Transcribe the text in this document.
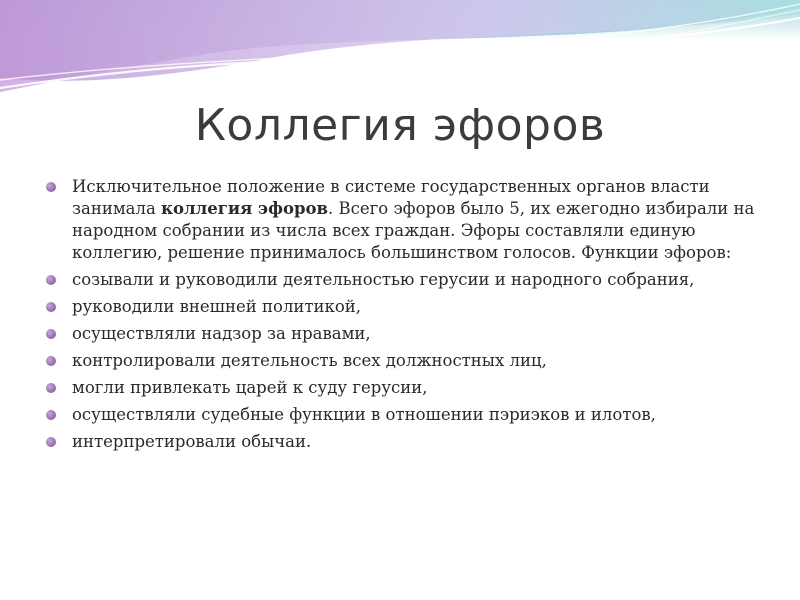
Коллегия эфоров
Исключительное положение в системе государственных органов власти занимала коллегия эфоров. Всего эфоров было 5, их ежегодно избирали на народном собрании из числа всех граждан. Эфоры составляли единую коллегию, решение принималось большинством голосов. Функции эфоров:
созывали и руководили деятельностью герусии и народного собрания,
руководили внешней политикой,
осуществляли надзор за нравами,
контролировали деятельность всех должностных лиц,
могли привлекать царей к суду герусии,
осуществляли судебные функции в отношении пэриэков и илотов,
интерпретировали обычаи.
